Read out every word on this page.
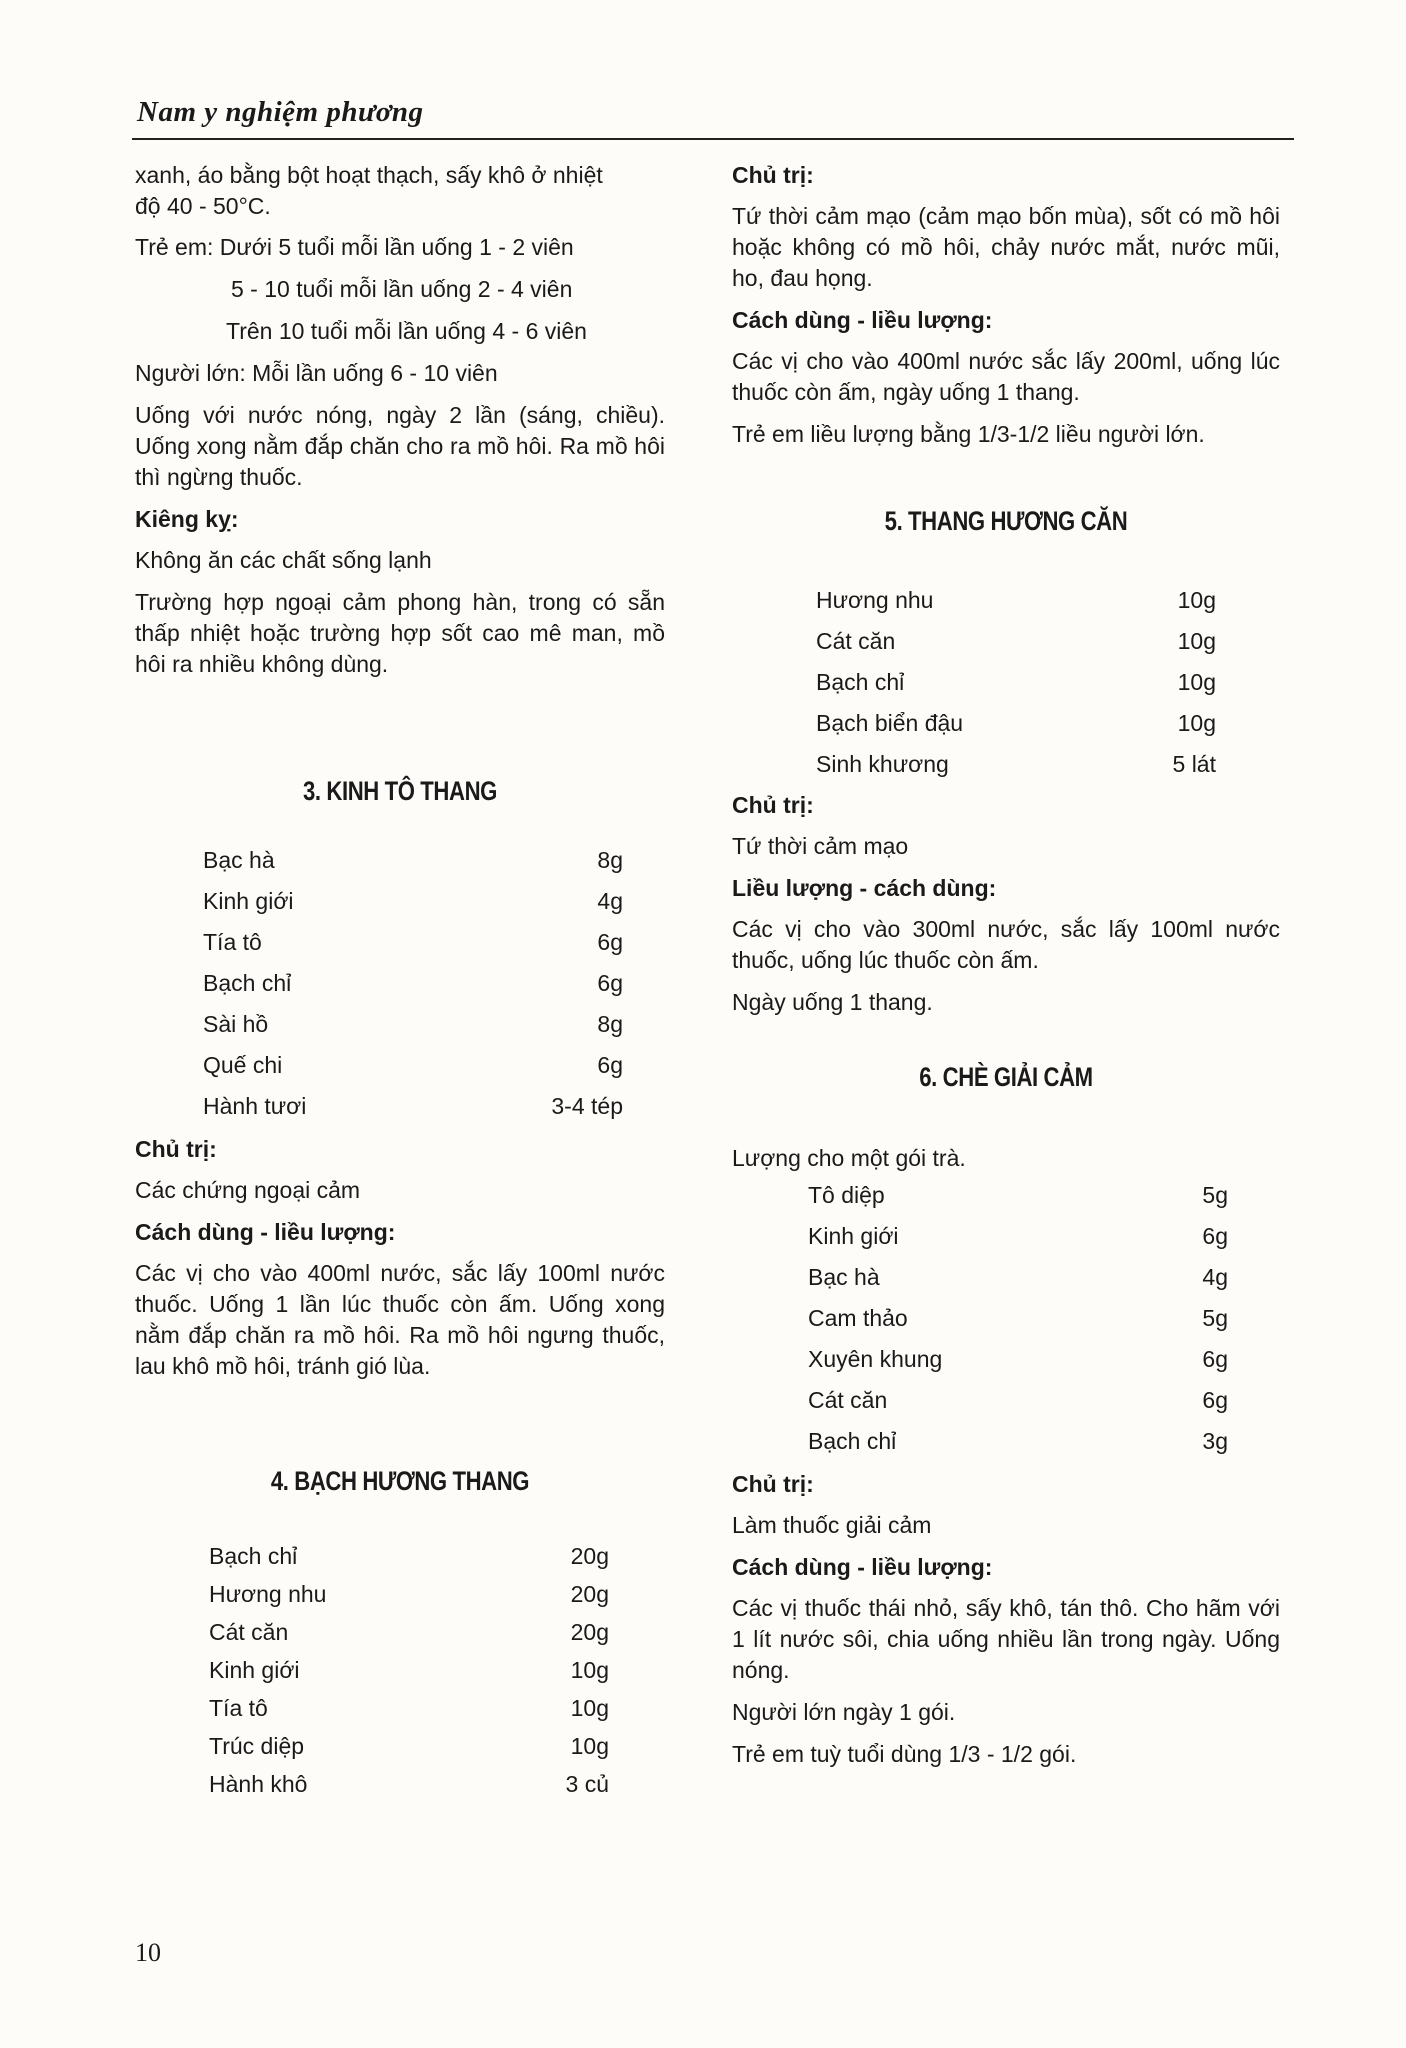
Nam y nghiệm phương

xanh, áo bằng bột hoạt thạch, sấy khô ở nhiệt

độ 40 - 50°C.

Trẻ em: Dưới 5 tuổi mỗi lần uống 1 - 2 viên

5 - 10 tuổi mỗi lần uống 2 - 4 viên

Trên 10 tuổi mỗi lần uống 4 - 6 viên

Người lớn: Mỗi lần uống 6 - 10 viên

Uống với nước nóng, ngày 2 lần (sáng, chiều). Uống xong nằm đắp chăn cho ra mồ hôi. Ra mồ hôi thì ngừng thuốc.

Kiêng kỵ:

Không ăn các chất sống lạnh

Trường hợp ngoại cảm phong hàn, trong có sẵn thấp nhiệt hoặc trường hợp sốt cao mê man, mồ hôi ra nhiều không dùng.

3. KINH TÔ THANG
Bạc hà	8g
Kinh giới	4g
Tía tô	6g
Bạch chỉ	6g
Sài hồ	8g
Quế chi	6g
Hành tươi	3-4 tép
Chủ trị:

Các chứng ngoại cảm

Cách dùng - liều lượng:

Các vị cho vào 400ml nước, sắc lấy 100ml nước thuốc. Uống 1 lần lúc thuốc còn ấm. Uống xong nằm đắp chăn ra mồ hôi. Ra mồ hôi ngưng thuốc, lau khô mồ hôi, tránh gió lùa.

4. BẠCH HƯƠNG THANG
Bạch chỉ	20g
Hương nhu	20g
Cát căn	20g
Kinh giới	10g
Tía tô	10g
Trúc diệp	10g
Hành khô	3 củ
Chủ trị:

Tứ thời cảm mạo (cảm mạo bốn mùa), sốt có mồ hôi hoặc không có mồ hôi, chảy nước mắt, nước mũi, ho, đau họng.

Cách dùng - liều lượng:

Các vị cho vào 400ml nước sắc lấy 200ml, uống lúc thuốc còn ấm, ngày uống 1 thang.

Trẻ em liều lượng bằng 1/3-1/2 liều người lớn.

5. THANG HƯƠNG CĂN
Hương nhu	10g
Cát căn	10g
Bạch chỉ	10g
Bạch biển đậu	10g
Sinh khương	5 lát
Chủ trị:

Tứ thời cảm mạo

Liều lượng - cách dùng:

Các vị cho vào 300ml nước, sắc lấy 100ml nước thuốc, uống lúc thuốc còn ấm.

Ngày uống 1 thang.

6. CHÈ GIẢI CẢM

Lượng cho một gói trà.

Tô diệp	5g
Kinh giới	6g
Bạc hà	4g
Cam thảo	5g
Xuyên khung	6g
Cát căn	6g
Bạch chỉ	3g
Chủ trị:

Làm thuốc giải cảm

Cách dùng - liều lượng:

Các vị thuốc thái nhỏ, sấy khô, tán thô. Cho hãm với 1 lít nước sôi, chia uống nhiều lần trong ngày. Uống nóng.

Người lớn ngày 1 gói.

Trẻ em tuỳ tuổi dùng 1/3 - 1/2 gói.

10
